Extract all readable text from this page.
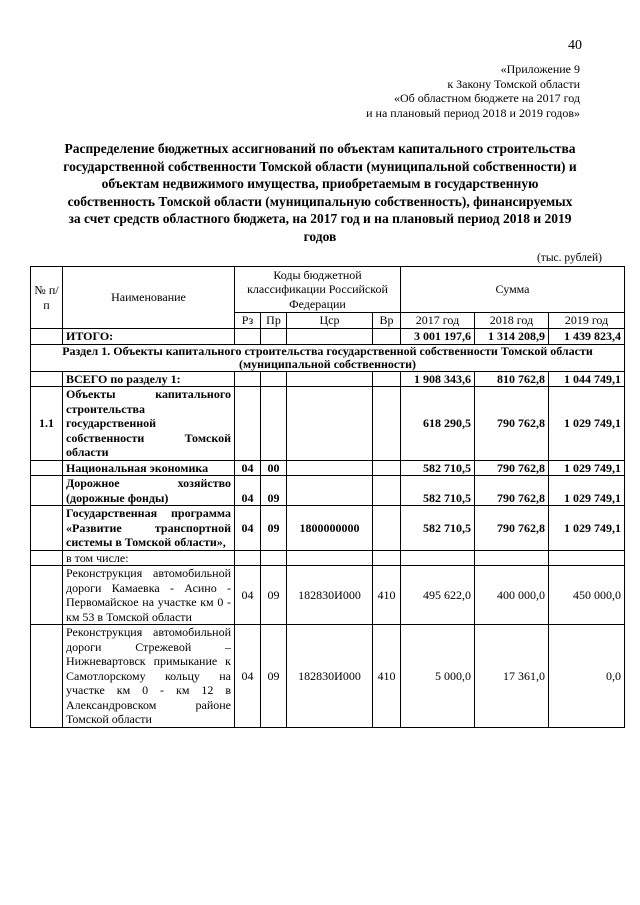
40
«Приложение 9
к Закону Томской области
«Об областном бюджете на 2017 год
и на плановый период 2018 и 2019 годов»
Распределение бюджетных ассигнований по объектам капитального строительства государственной собственности Томской области (муниципальной собственности) и объектам недвижимого имущества, приобретаемым в государственную собственность Томской области (муниципальную собственность), финансируемых за счет средств областного бюджета, на 2017 год и на плановый период 2018 и 2019 годов
(тыс. рублей)
№ п/п	Наименование	Коды бюджетной классификации Российской Федерации				Сумма		
		Рз	Пр	Цср	Вр	2017 год	2018 год	2019 год
	ИТОГО:					3 001 197,6	1 314 208,9	1 439 823,4
Раздел 1. Объекты капитального строительства государственной собственности Томской области (муниципальной собственности)								
	ВСЕГО по разделу 1:					1 908 343,6	810 762,8	1 044 749,1
1.1	Объекты капитального строительства государственной собственности Томской области					618 290,5	790 762,8	1 029 749,1
	Национальная экономика	04	00			582 710,5	790 762,8	1 029 749,1
	Дорожное хозяйство (дорожные фонды)	04	09			582 710,5	790 762,8	1 029 749,1
	Государственная программа «Развитие транспортной системы в Томской области»,	04	09	1800000000		582 710,5	790 762,8	1 029 749,1
	в том числе:							
	Реконструкция автомобильной дороги Камаевка - Асино - Первомайское на участке км 0 - км 53 в Томской области	04	09	182830И000	410	495 622,0	400 000,0	450 000,0
	Реконструкция автомобильной дороги Стрежевой – Нижневартовск примыкание к Самотлорскому кольцу на участке км 0 - км 12 в Александровском районе Томской области	04	09	182830И000	410	5 000,0	17 361,0	0,0
